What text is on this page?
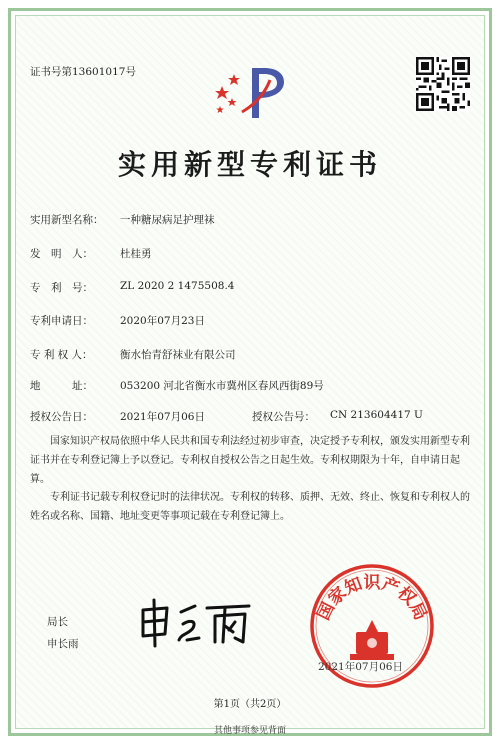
证书号第13601017号
实用新型专利证书
实用新型名称： 一种糖尿病足护理袜
发　明　人：	杜桂勇
专　利　号：	ZL 2020 2 1475508.4
专利申请日：	2020年07月23日
专 利 权 人：	衡水怡青舒袜业有限公司
地　　　址：	053200 河北省衡水市冀州区春风西街89号
授权公告日：	2021年07月06日	授权公告号： CN 213604417 U
国家知识产权局依照中华人民共和国专利法经过初步审查，决定授予专利权，颁发实用新型专利证书并在专利登记簿上予以登记。专利权自授权公告之日起生效。专利权期限为十年，自申请日起算。
专利证书记载专利权登记时的法律状况。专利权的转移、质押、无效、终止、恢复和专利权人的姓名或名称、国籍、地址变更等事项记载在专利登记簿上。
局长
申长雨
国家知识产权局
2021年07月06日
第1页（共2页）
其他事项参见背面
